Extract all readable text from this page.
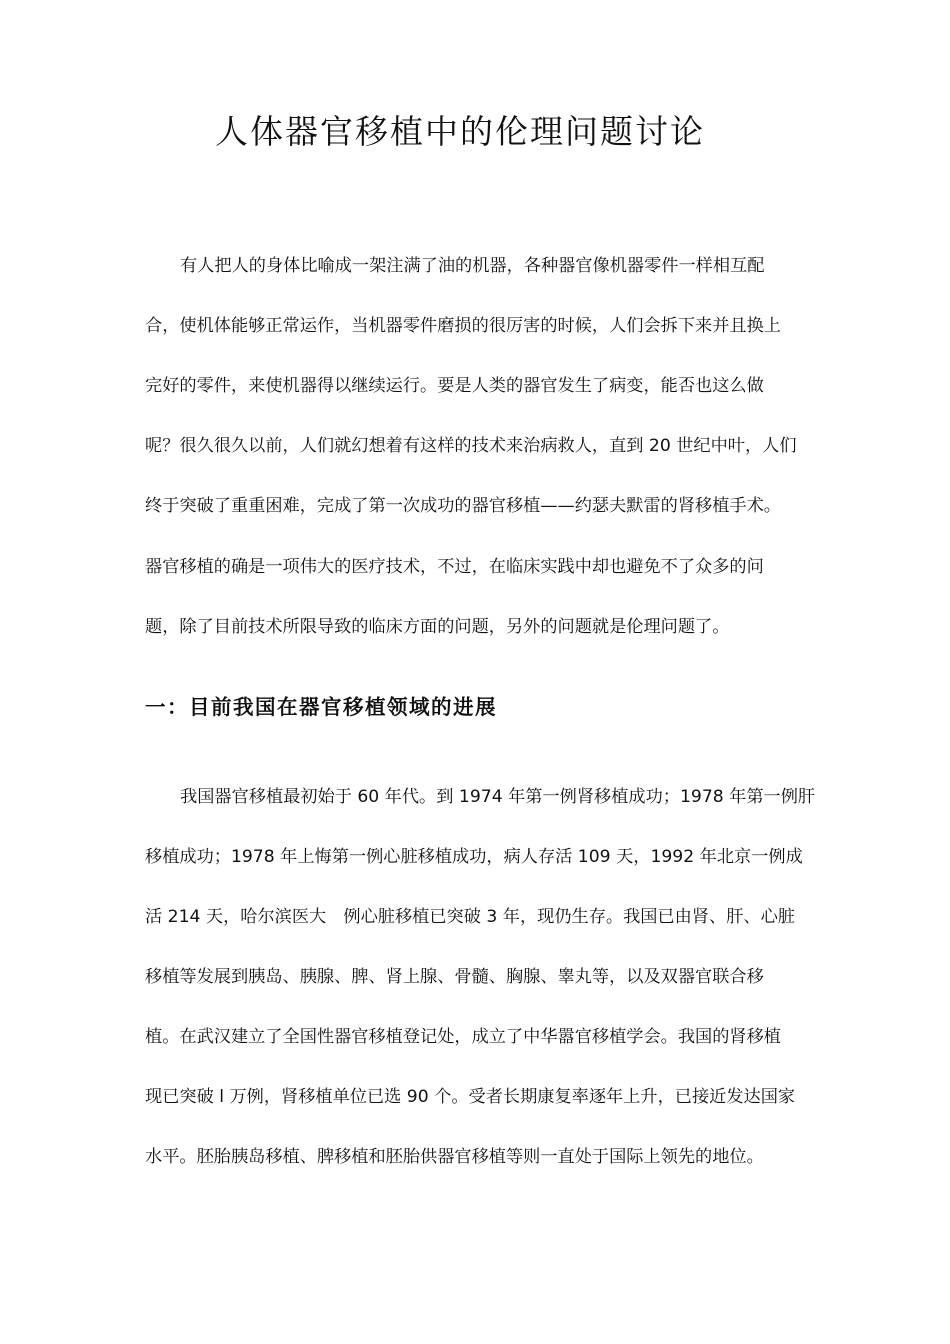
人体器官移植中的伦理问题讨论

有人把人的身体比喻成一架注满了油的机器，各种器官像机器零件一样相互配

合，使机体能够正常运作，当机器零件磨损的很厉害的时候，人们会拆下来并且换上

完好的零件，来使机器得以继续运行。要是人类的器官发生了病变，能否也这么做

呢？很久很久以前，人们就幻想着有这样的技术来治病救人，直到 20 世纪中叶，人们

终于突破了重重困难，完成了第一次成功的器官移植——约瑟夫默雷的肾移植手术。

器官移植的确是一项伟大的医疗技术，不过，在临床实践中却也避免不了众多的问

题，除了目前技术所限导致的临床方面的问题，另外的问题就是伦理问题了。

一：目前我国在器官移植领域的进展

我国器官移植最初始于 60 年代。到 1974 年第一例肾移植成功；1978 年第一例肝

移植成功；1978 年上悔第一例心脏移植成功，病人存活 109 天，1992 年北京一例成

活 214 天，哈尔滨医大　例心脏移植已突破 3 年，现仍生存。我国已由肾、肝、心脏

移植等发展到胰岛、胰腺、脾、肾上腺、骨髓、胸腺、睾丸等，以及双器官联合移

植。在武汉建立了全国性器官移植登记处，成立了中华嚣官移植学会。我国的肾移植

现已突破 l 万例，肾移植单位已选 90 个。受者长期康复率逐年上升，已接近发达国家

水平。胚胎胰岛移植、脾移植和胚胎供器官移植等则一直处于国际上领先的地位。
